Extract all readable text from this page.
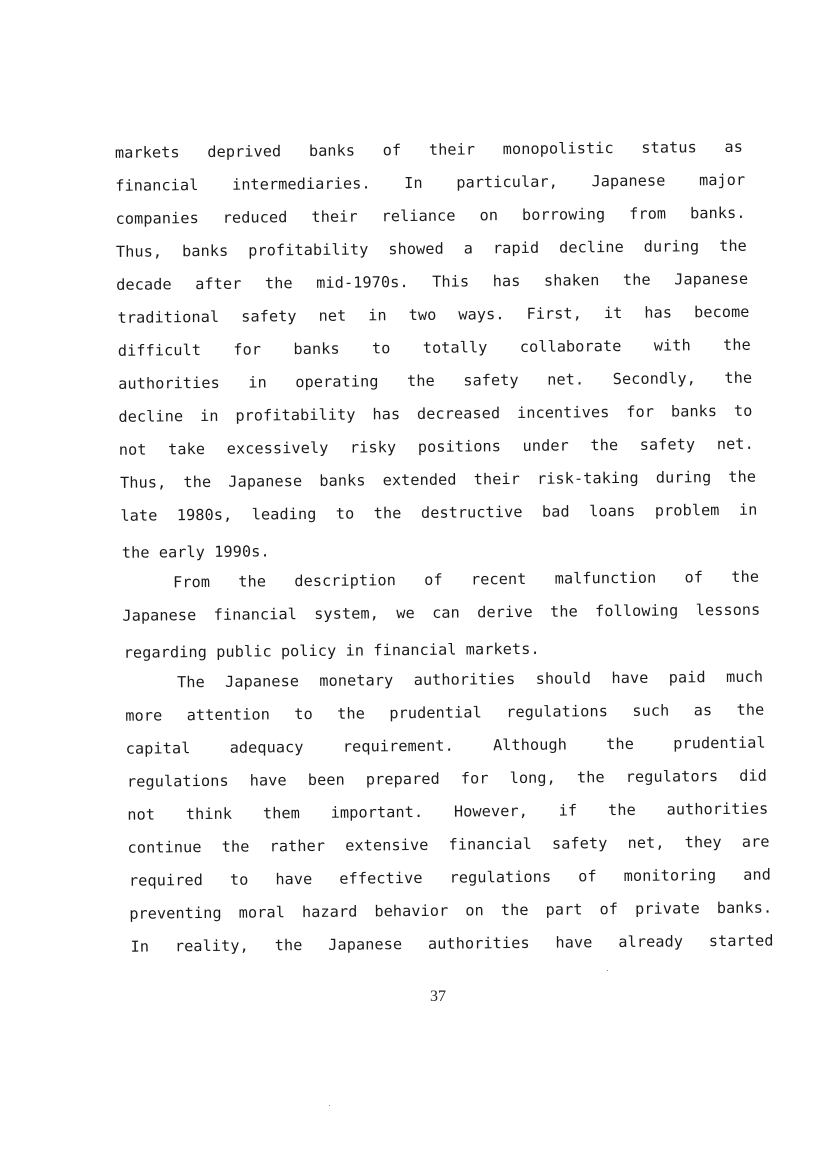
markets deprived banks of their monopolistic status as
financial intermediaries. In particular, Japanese major
companies reduced their reliance on borrowing from banks.
Thus, banks profitability showed a rapid decline during the
decade after the mid-1970s. This has shaken the Japanese
traditional safety net in two ways. First, it has become
difficult for banks to totally collaborate with the
authorities in operating the safety net. Secondly, the
decline in profitability has decreased incentives for banks to
not take excessively risky positions under the safety net.
Thus, the Japanese banks extended their risk-taking during the
late 1980s, leading to the destructive bad loans problem in
the early 1990s.
From the description of recent malfunction of the
Japanese financial system, we can derive the following lessons
regarding public policy in financial markets.
The Japanese monetary authorities should have paid much
more attention to the prudential regulations such as the
capital adequacy requirement. Although the prudential
regulations have been prepared for long, the regulators did
not think them important. However, if the authorities
continue the rather extensive financial safety net, they are
required to have effective regulations of monitoring and
preventing moral hazard behavior on the part of private banks.
In reality, the Japanese authorities have already started
37
